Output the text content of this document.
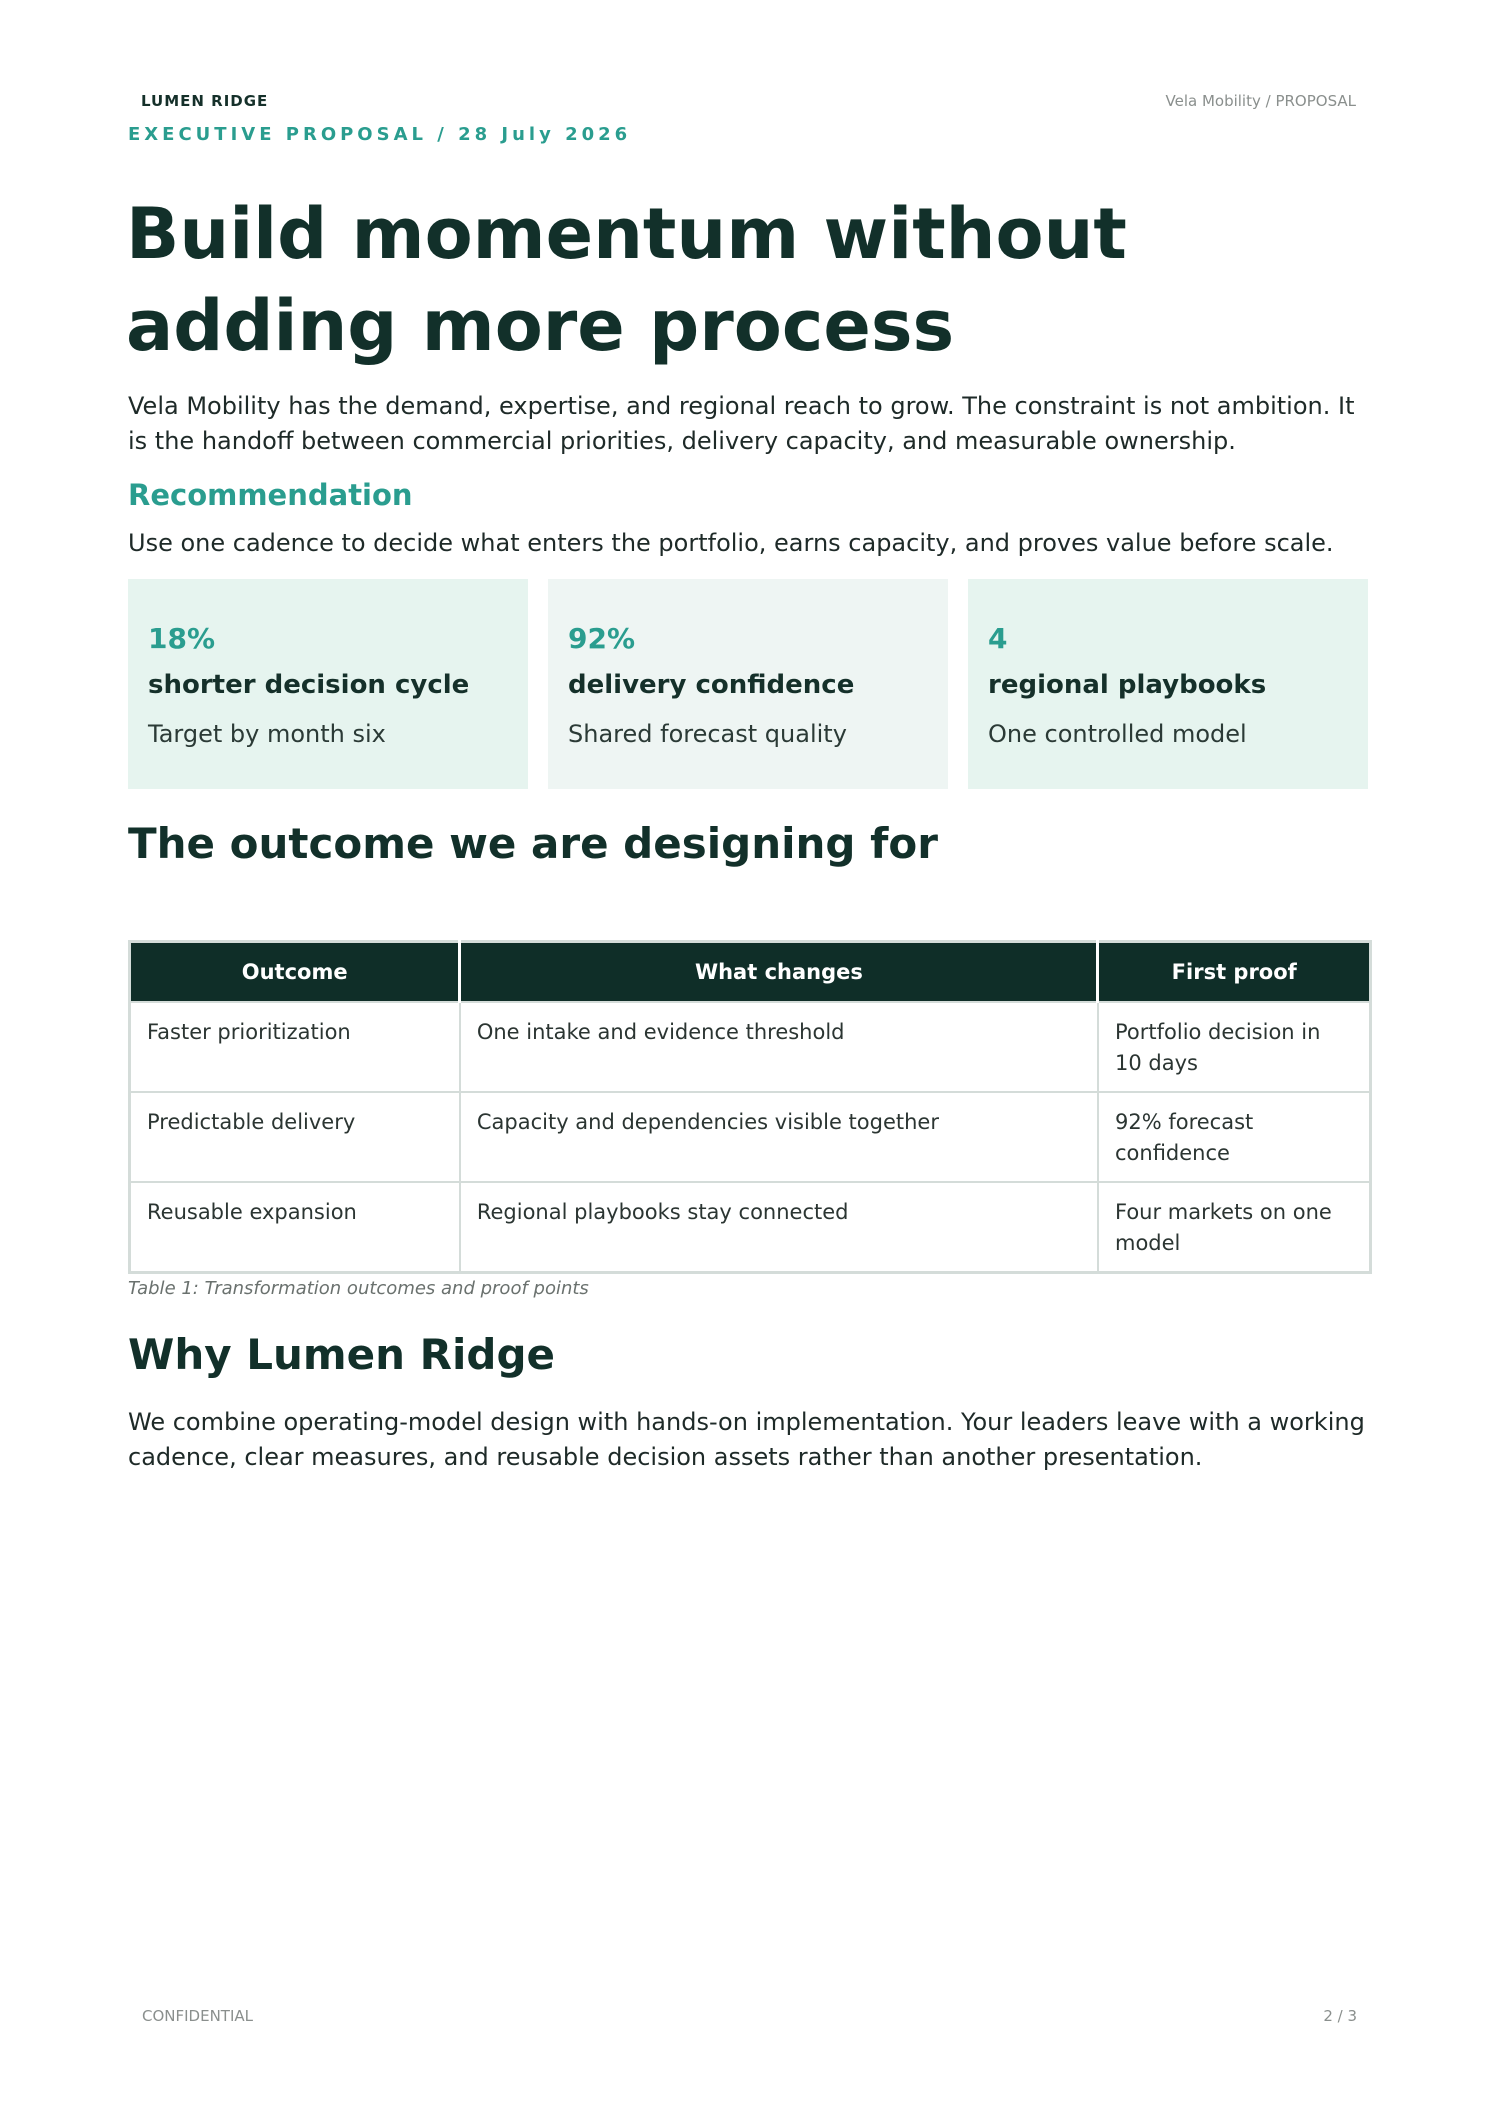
LUMEN RIDGE	Vela Mobility / PROPOSAL
EXECUTIVE PROPOSAL / 28 July 2026
Build momentum without adding more process

Vela Mobility has the demand, expertise, and regional reach to grow. The constraint is not ambition. It is the handoff between commercial priorities, delivery capacity, and measurable ownership.

Recommendation

Use one cadence to decide what enters the portfolio, earns capacity, and proves value before scale.

18%
shorter decision cycle
Target by month six
92%
delivery confidence
Shared forecast quality
4
regional playbooks
One controlled model
The outcome we are designing for
Outcome	What changes	First proof
Faster prioritization	One intake and evidence threshold	Portfolio decision in 10 days
Predictable delivery	Capacity and dependencies visible together	92% forecast confidence
Reusable expansion	Regional playbooks stay connected	Four markets on one model
Table 1: Transformation outcomes and proof points
Why Lumen Ridge

We combine operating-model design with hands-on implementation. Your leaders leave with a working cadence, clear measures, and reusable decision assets rather than another presentation.

CONFIDENTIAL	2 / 3
